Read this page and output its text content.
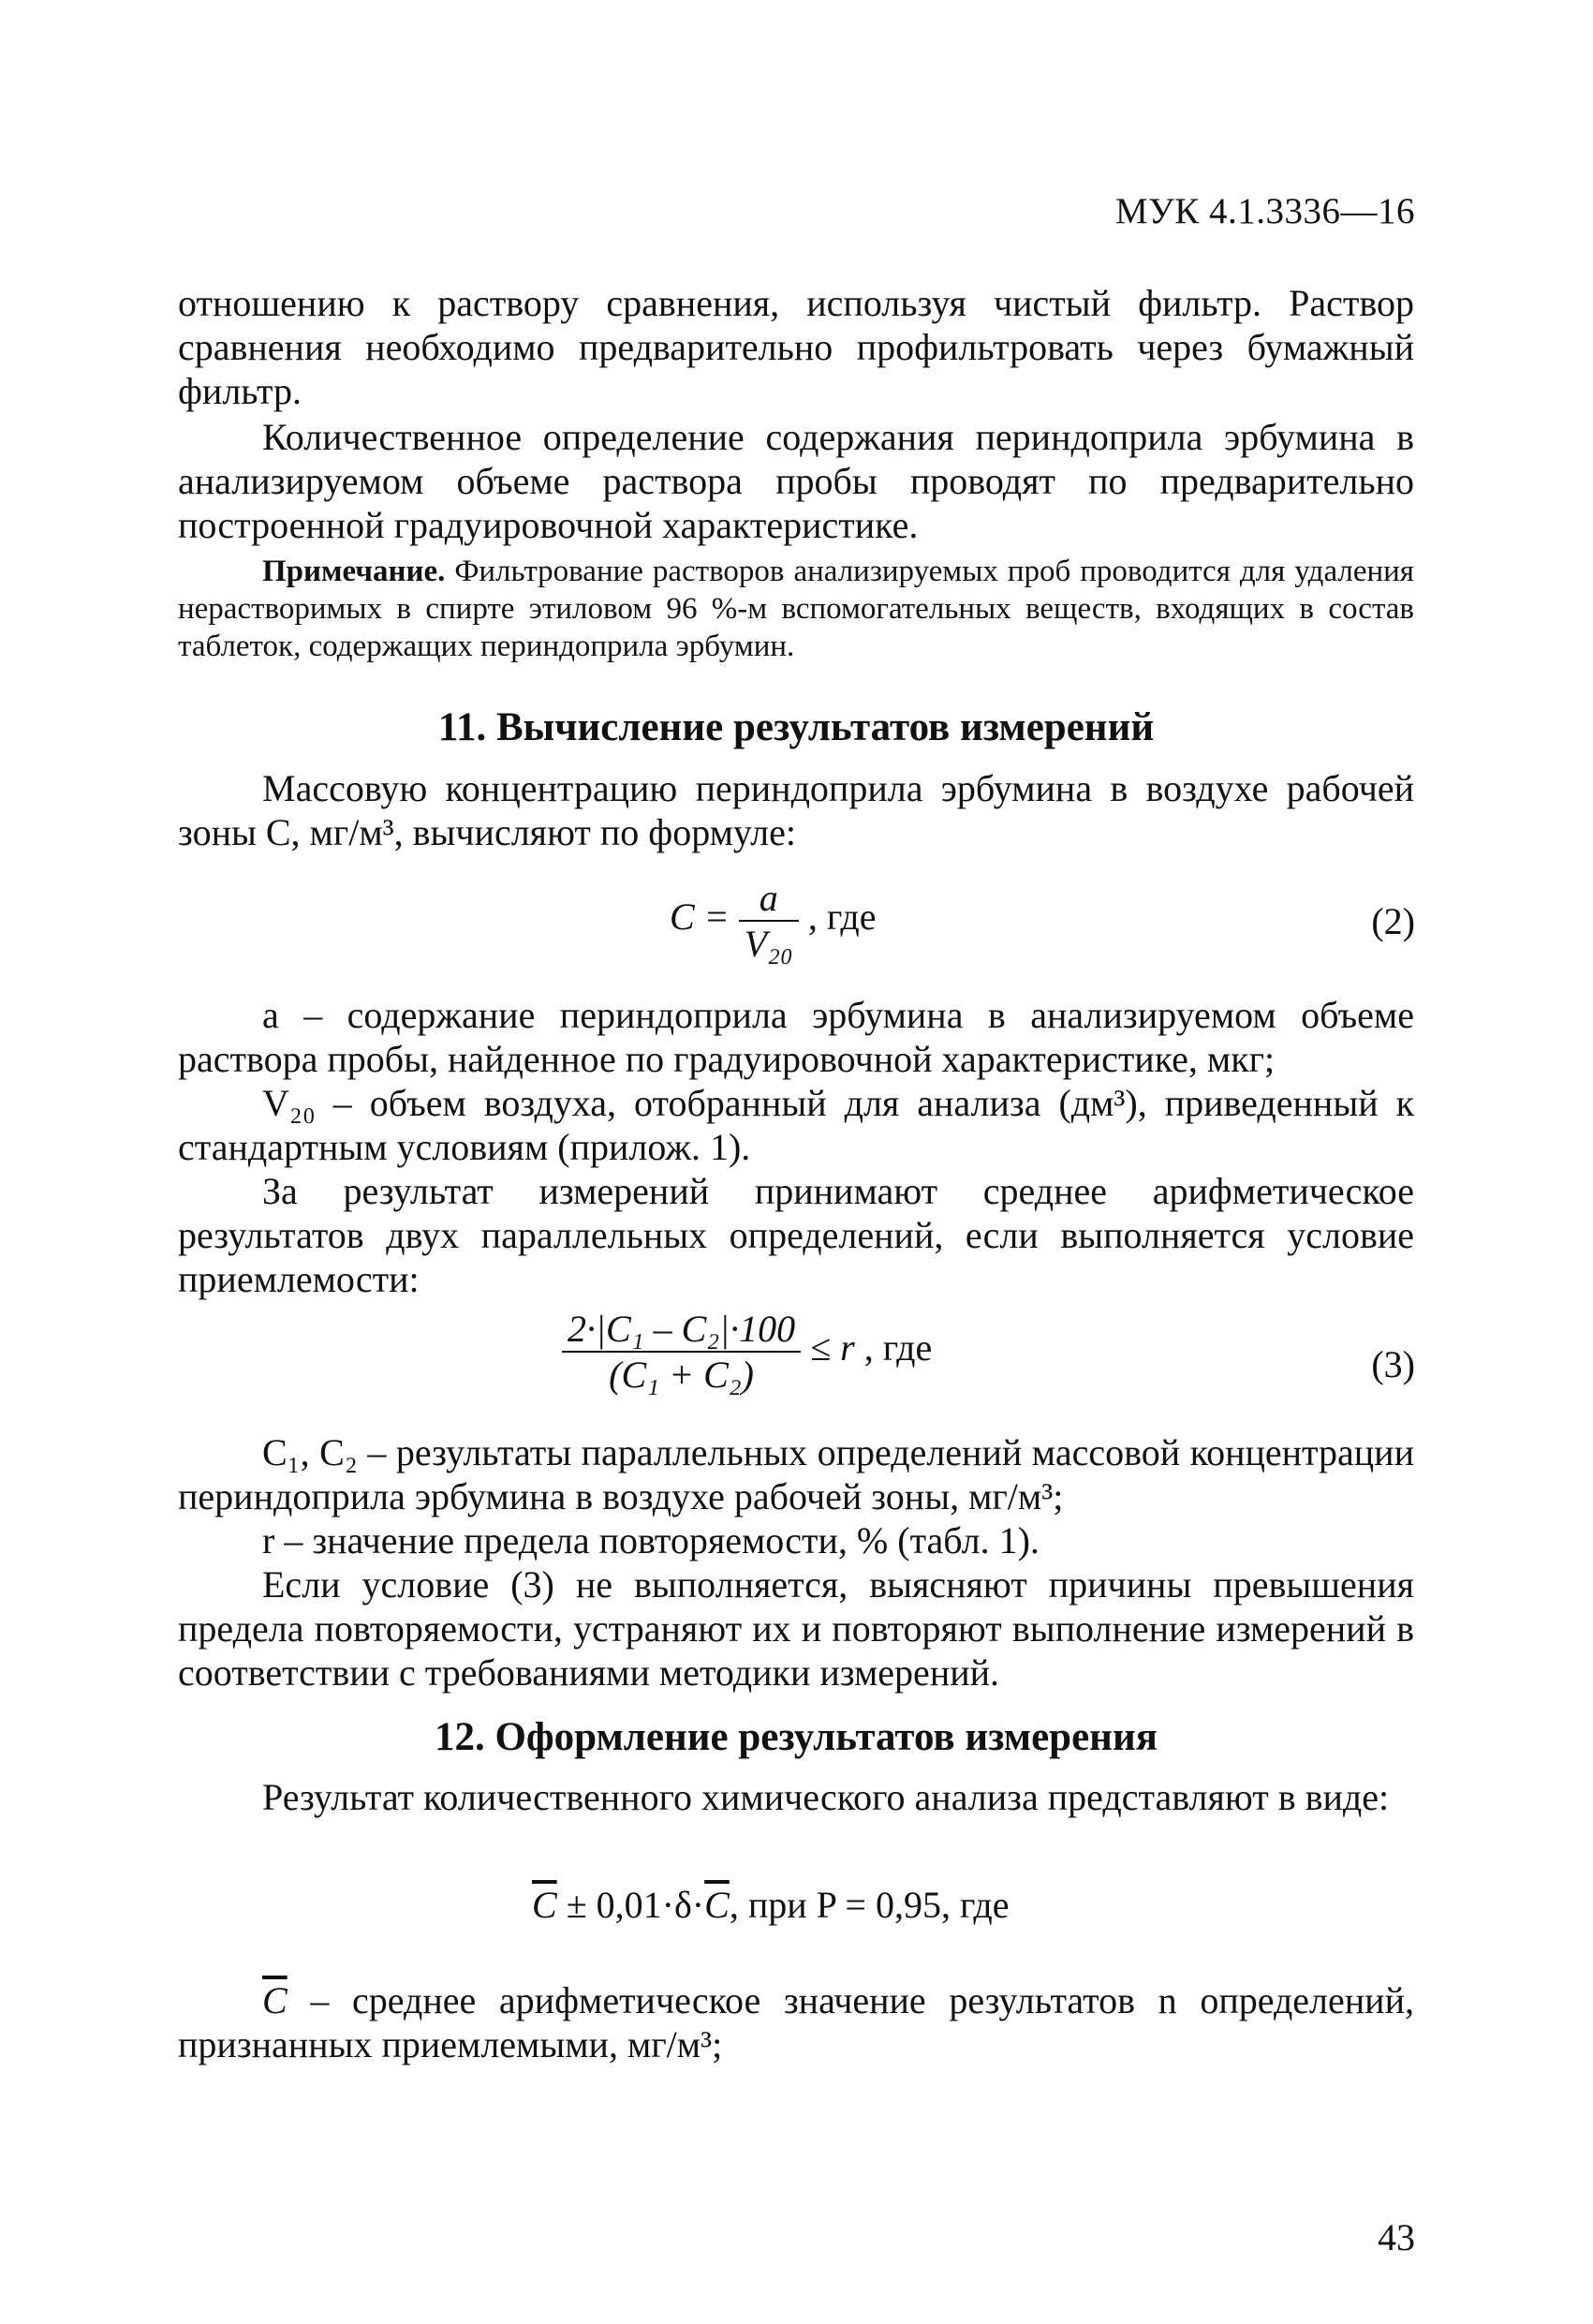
МУК 4.1.3336—16

отношению к раствору сравнения, используя чистый фильтр. Раствор сравнения необходимо предварительно профильтровать через бумажный фильтр.

Количественное определение содержания периндоприла эрбумина в анализируемом объеме раствора пробы проводят по предварительно построенной градуировочной характеристике.

Примечание. Фильтрование растворов анализируемых проб проводится для удаления нерастворимых в спирте этиловом 96 %-м вспомогательных веществ, входящих в состав таблеток, содержащих периндоприла эрбумин.

11. Вычисление результатов измерений

Массовую концентрацию периндоприла эрбумина в воздухе рабочей зоны C, мг/м³, вычисляют по формуле:

$C = \frac{a}{\text{V₂₀}}$ , где	(2)

a – содержание периндоприла эрбумина в анализируемом объеме раствора пробы, найденное по градуировочной характеристике, мкг;

V₂₀ – объем воздуха, отобранный для анализа (дм³), приведенный к стандартным условиям (прилож. 1).

За результат измерений принимают среднее арифметическое результатов двух параллельных определений, если выполняется условие приемлемости:

$\frac{\text{2·|C₁ – C₂|·100}}{\text{(C₁ + C₂)}} \le r$ , где	(3)

C₁, C₂ – результаты параллельных определений массовой концентрации периндоприла эрбумина в воздухе рабочей зоны, мг/м³;

r – значение предела повторяемости, % (табл. 1).

Если условие (3) не выполняется, выясняют причины превышения предела повторяемости, устраняют их и повторяют выполнение измерений в соответствии с требованиями методики измерений.

12. Оформление результатов измерения

Результат количественного химического анализа представляют в виде:

$\overline{C} \pm 0,01\cdot\delta\cdot\overline{C}$, при P = 0,95, где

$\overline{C}$ – среднее арифметическое значение результатов n определений, признанных приемлемыми, мг/м³;

43
